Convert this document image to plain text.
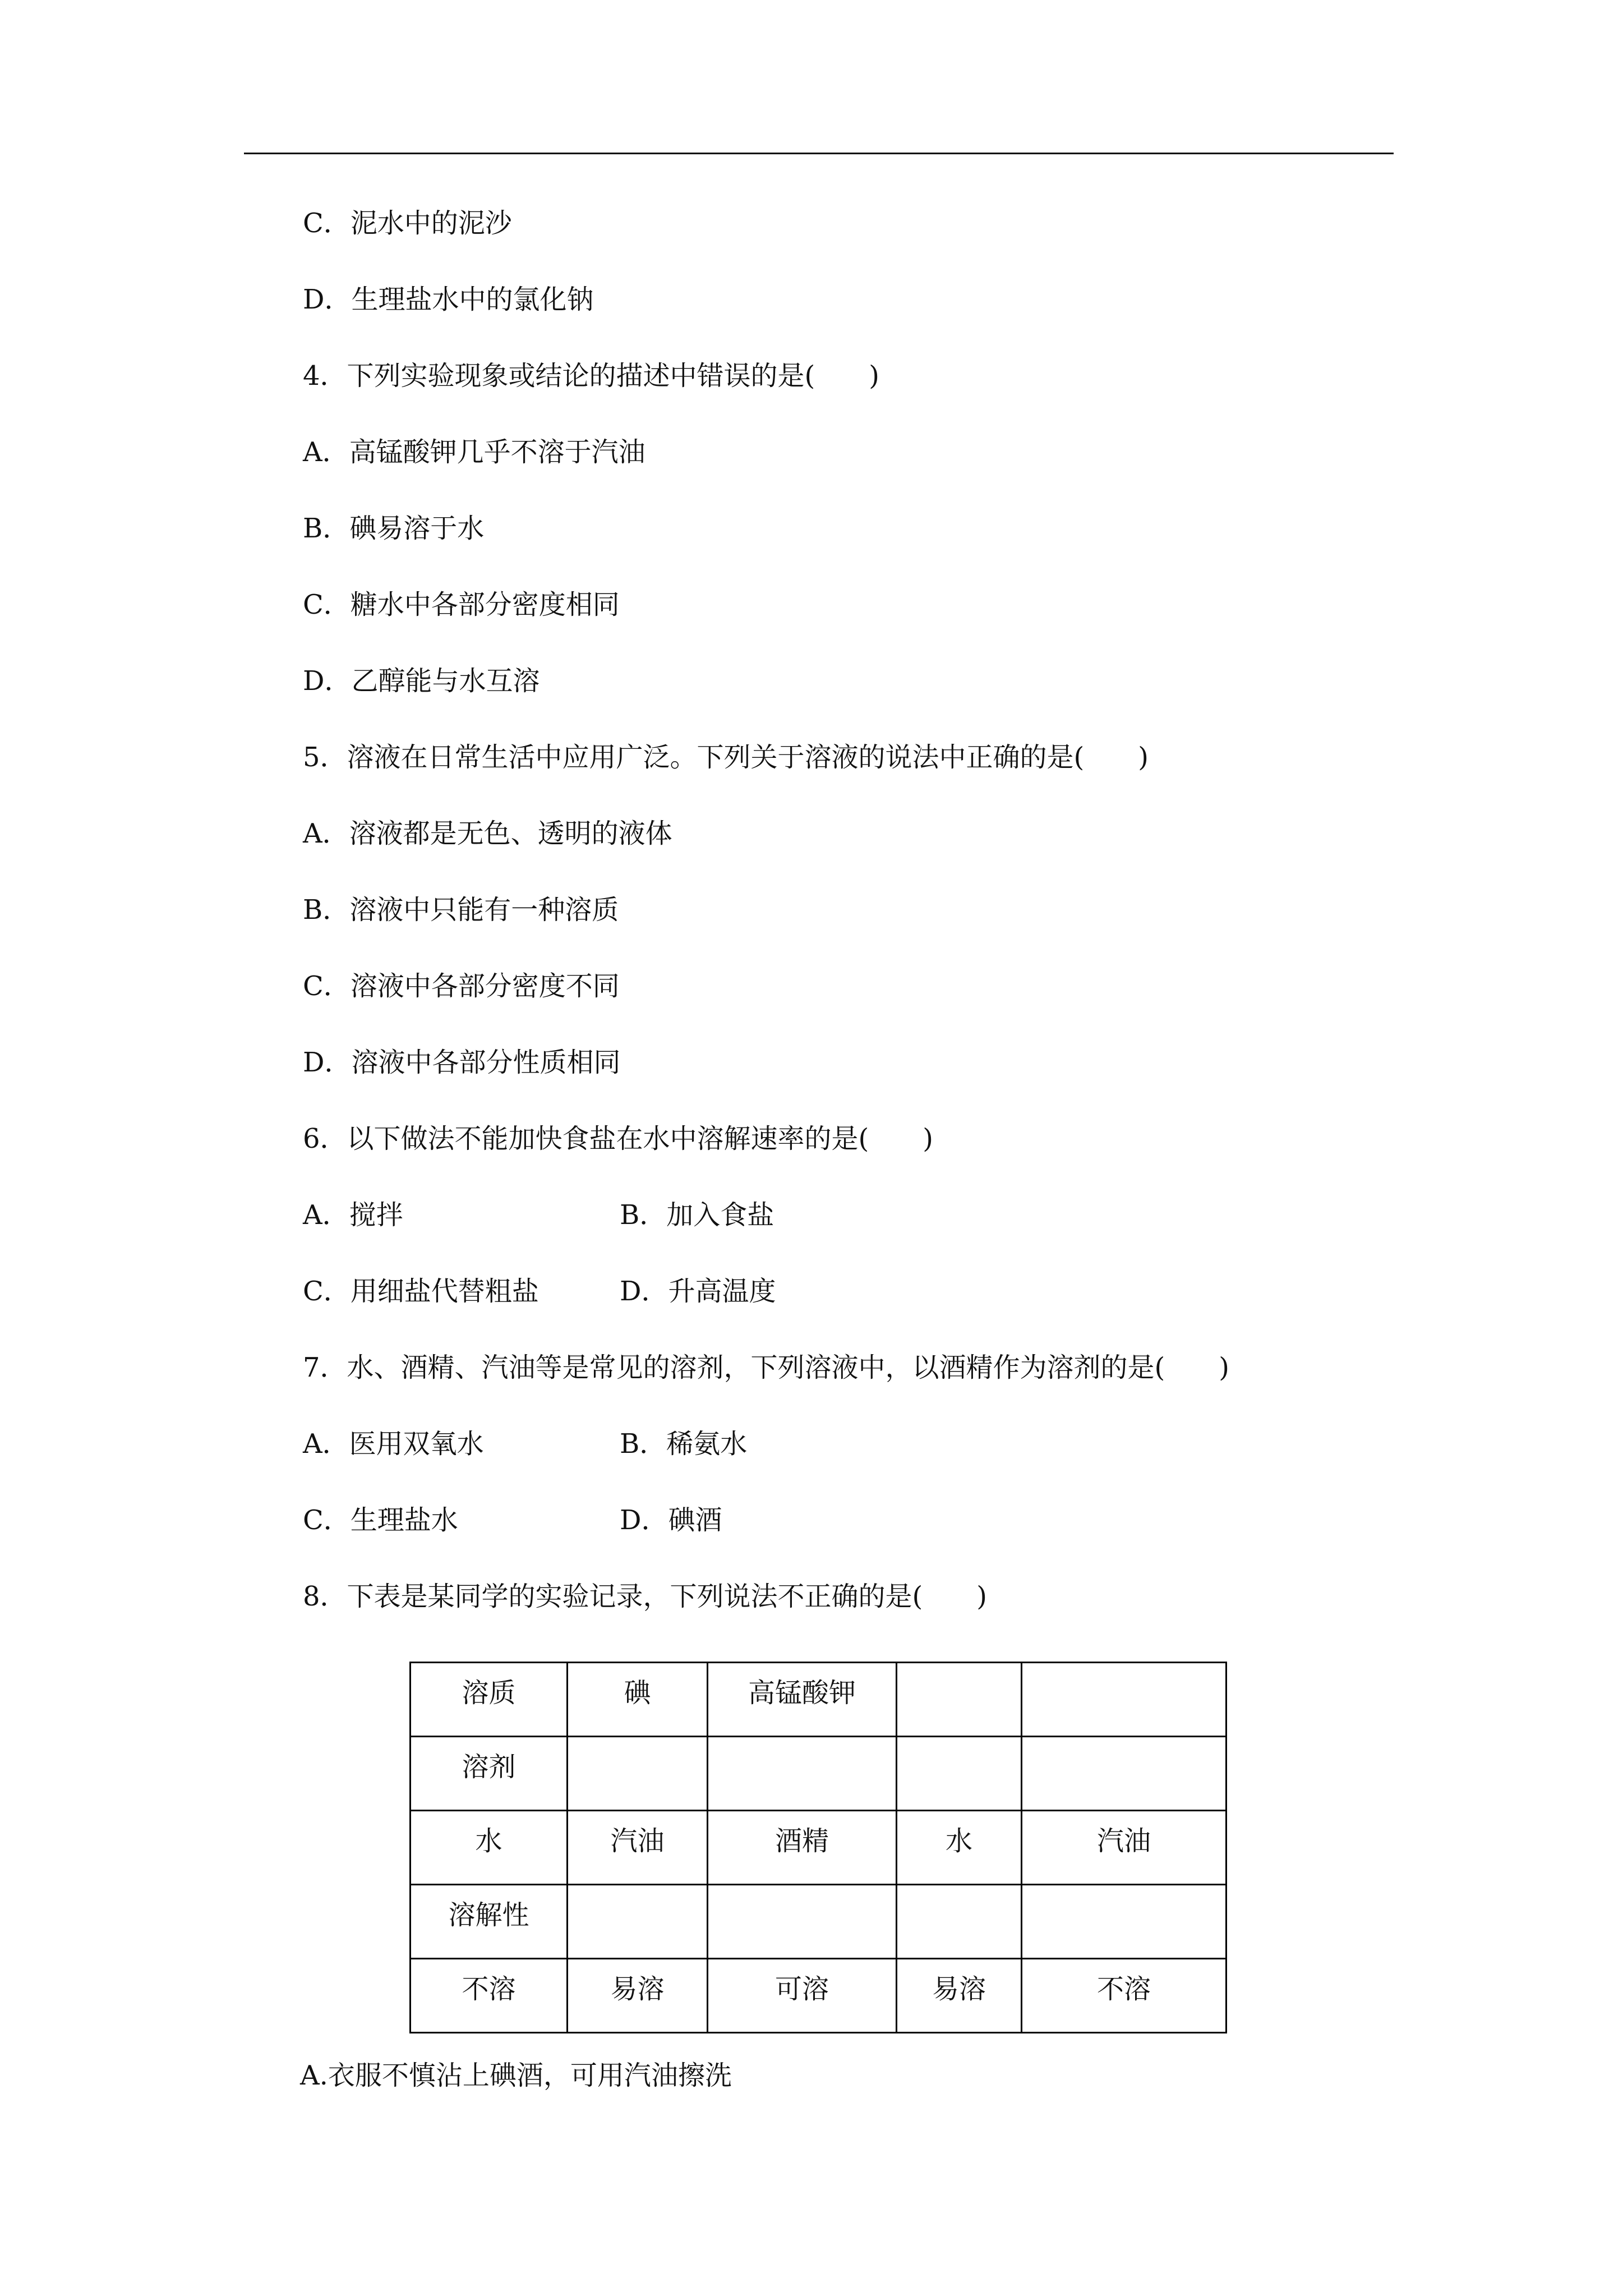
C．泥水中的泥沙
D．生理盐水中的氯化钠
4．下列实验现象或结论的描述中错误的是(　　)
A．高锰酸钾几乎不溶于汽油
B．碘易溶于水
C．糖水中各部分密度相同
D．乙醇能与水互溶
5．溶液在日常生活中应用广泛。下列关于溶液的说法中正确的是(　　)
A．溶液都是无色、透明的液体
B．溶液中只能有一种溶质
C．溶液中各部分密度不同
D．溶液中各部分性质相同
6．以下做法不能加快食盐在水中溶解速率的是(　　)
A．搅拌	B．加入食盐
C．用细盐代替粗盐	D．升高温度
7．水、酒精、汽油等是常见的溶剂，下列溶液中，以酒精作为溶剂的是(　　)
A．医用双氧水	B．稀氨水
C．生理盐水	D．碘酒
8．下表是某同学的实验记录，下列说法不正确的是(　　)
溶质	碘	高锰酸钾		
溶剂				
水	汽油	酒精	水	汽油
溶解性				
不溶	易溶	可溶	易溶	不溶
A.衣服不慎沾上碘酒，可用汽油擦洗
